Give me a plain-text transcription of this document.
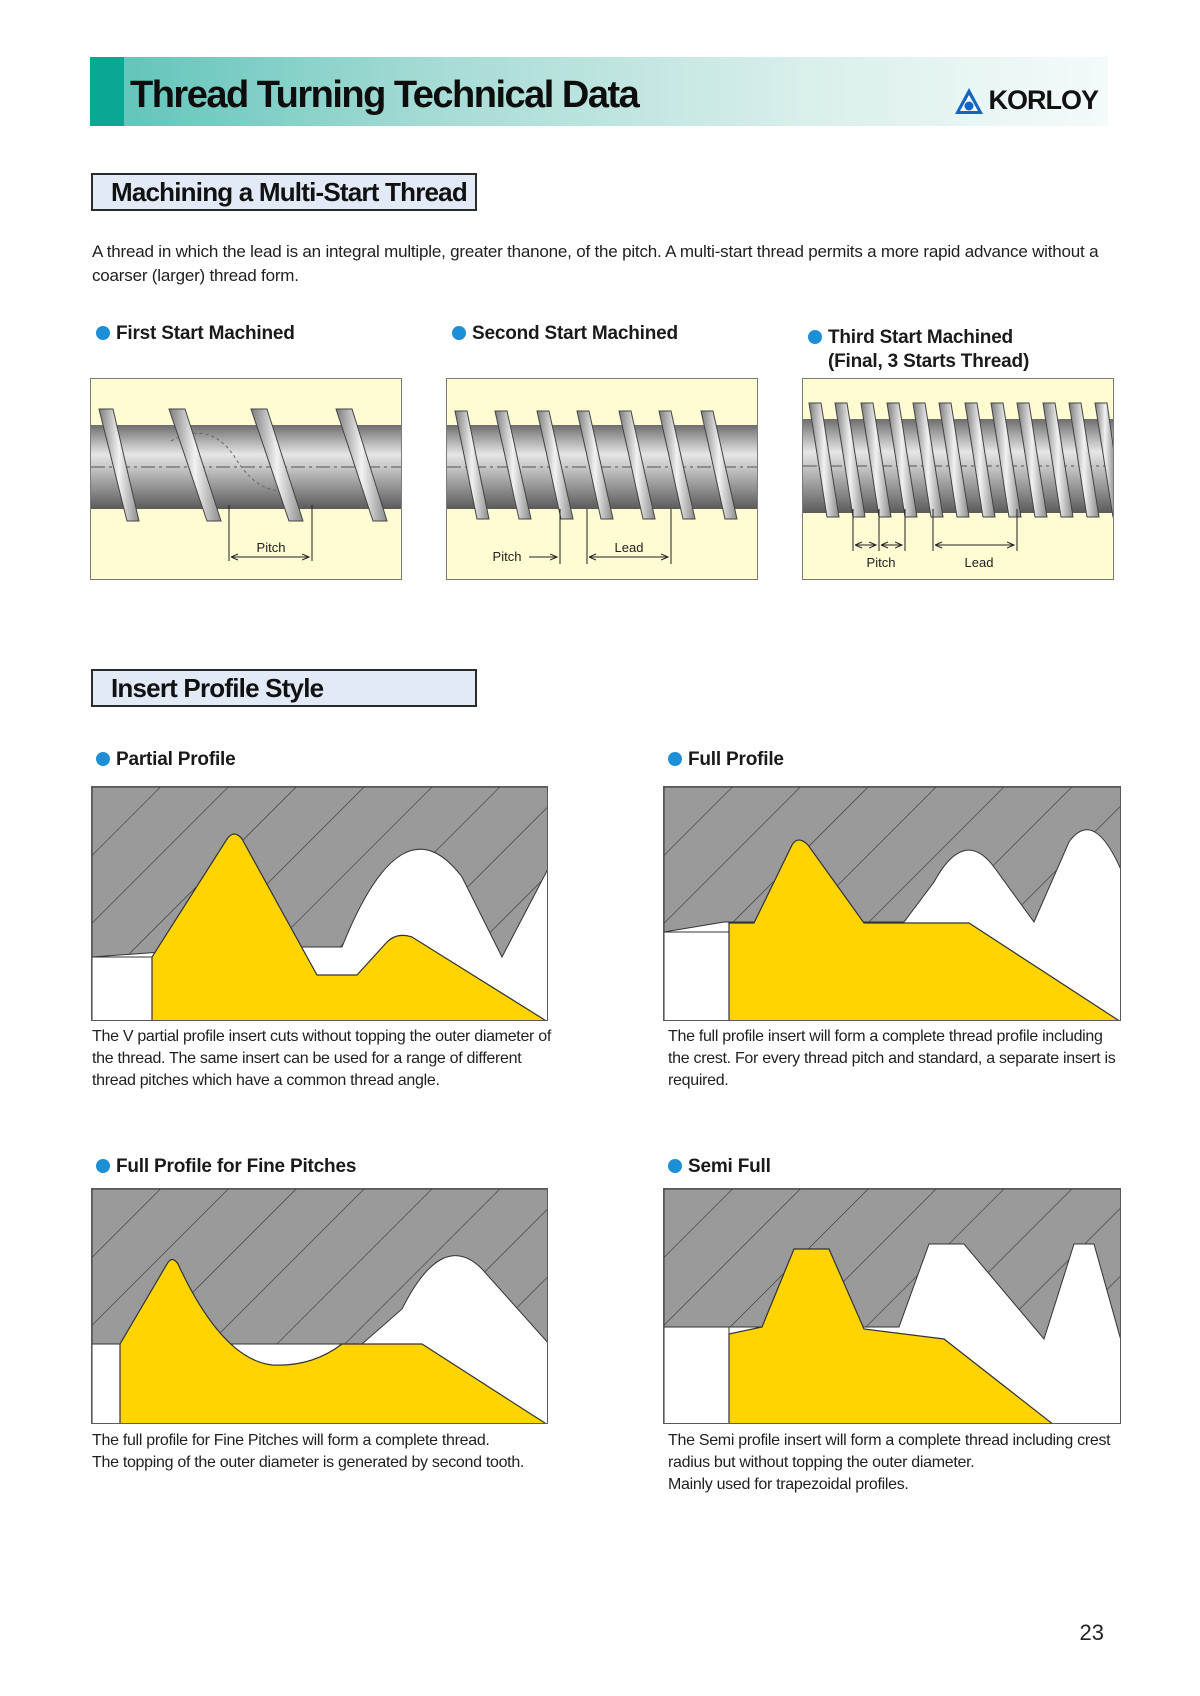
Thread Turning Technical Data	KORLOY
Machining a Multi-Start Thread
A thread in which the lead is an integral multiple, greater thanone, of the pitch. A multi-start thread permits a more rapid advance without a coarser (larger) thread form.
First Start Machined	Second Start Machined	Third Start Machined
(Final, 3 Starts Thread)
Pitch
Pitch
Lead
Pitch	Lead
Insert Profile Style
Partial Profile
The V partial profile insert cuts without topping the outer diameter of the thread. The same insert can be used for a range of different thread pitches which have a common thread angle.
Full Profile
The full profile insert will form a complete thread profile including the crest. For every thread pitch and standard, a separate insert is required.
Full Profile for Fine Pitches
The full profile for Fine Pitches will form a complete thread.
The topping of the outer diameter is generated by second tooth.
Semi Full
The Semi profile insert will form a complete thread including crest radius but without topping the outer diameter.
Mainly used for trapezoidal profiles.
23
